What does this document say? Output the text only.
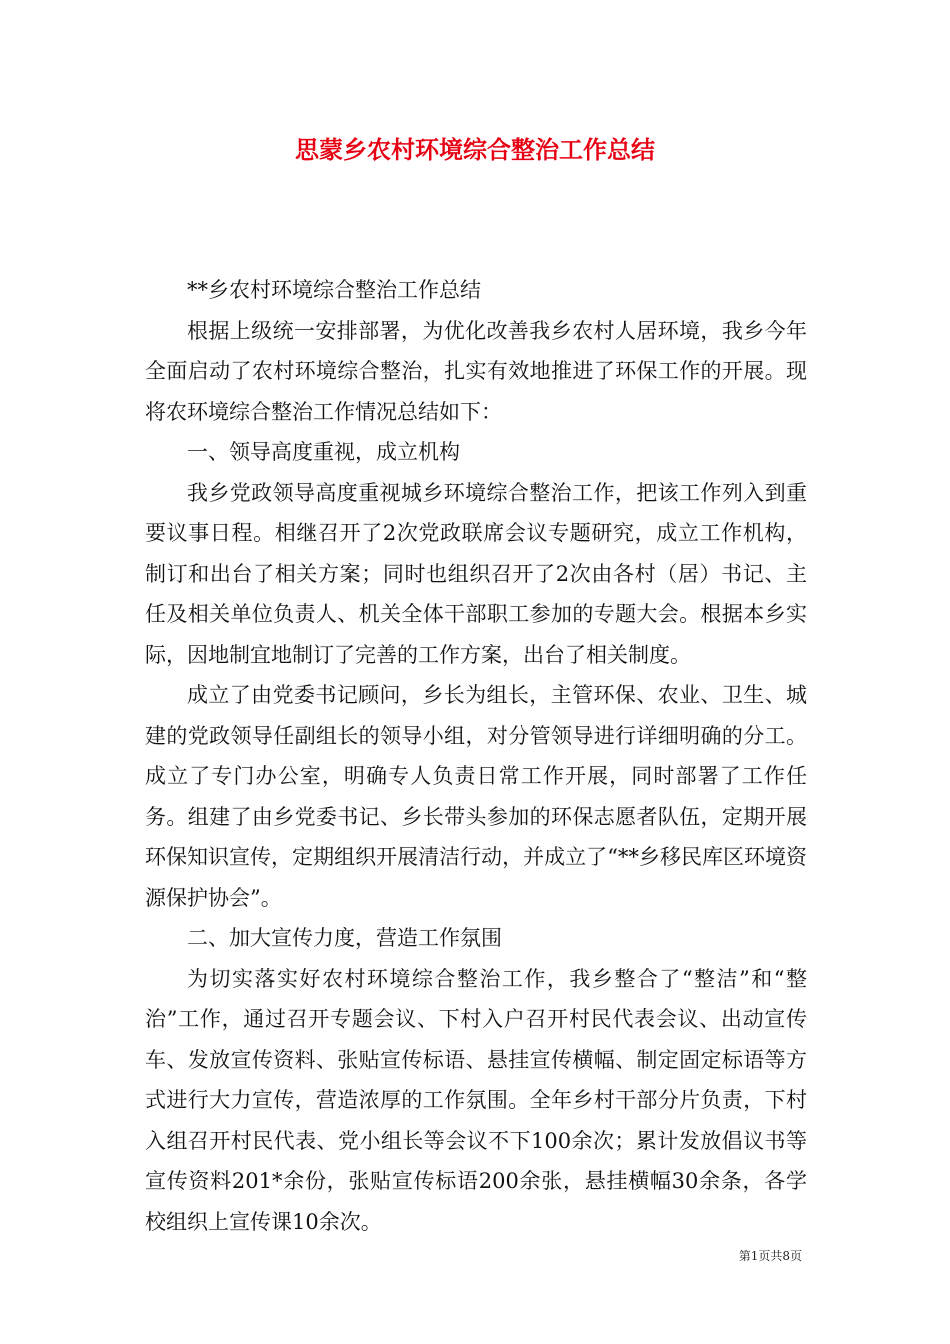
思蒙乡农村环境综合整治工作总结

**乡农村环境综合整治工作总结

根据上级统一安排部署，为优化改善我乡农村人居环境，我乡今年全面启动了农村环境综合整治，扎实有效地推进了环保工作的开展。现将农环境综合整治工作情况总结如下：

一、领导高度重视，成立机构

我乡党政领导高度重视城乡环境综合整治工作，把该工作列入到重要议事日程。相继召开了2次党政联席会议专题研究，成立工作机构，制订和出台了相关方案；同时也组织召开了2次由各村（居）书记、主任及相关单位负责人、机关全体干部职工参加的专题大会。根据本乡实际，因地制宜地制订了完善的工作方案，出台了相关制度。

成立了由党委书记顾问，乡长为组长，主管环保、农业、卫生、城建的党政领导任副组长的领导小组，对分管领导进行详细明确的分工。成立了专门办公室，明确专人负责日常工作开展，同时部署了工作任务。组建了由乡党委书记、乡长带头参加的环保志愿者队伍，定期开展环保知识宣传，定期组织开展清洁行动，并成立了“**乡移民库区环境资源保护协会”。

二、加大宣传力度，营造工作氛围

为切实落实好农村环境综合整治工作，我乡整合了“整洁”和“整治”工作，通过召开专题会议、下村入户召开村民代表会议、出动宣传车、发放宣传资料、张贴宣传标语、悬挂宣传横幅、制定固定标语等方式进行大力宣传，营造浓厚的工作氛围。全年乡村干部分片负责，下村入组召开村民代表、党小组长等会议不下100余次；累计发放倡议书等宣传资料201*余份，张贴宣传标语200余张，悬挂横幅30余条，各学校组织上宣传课10余次。

第1页共8页
